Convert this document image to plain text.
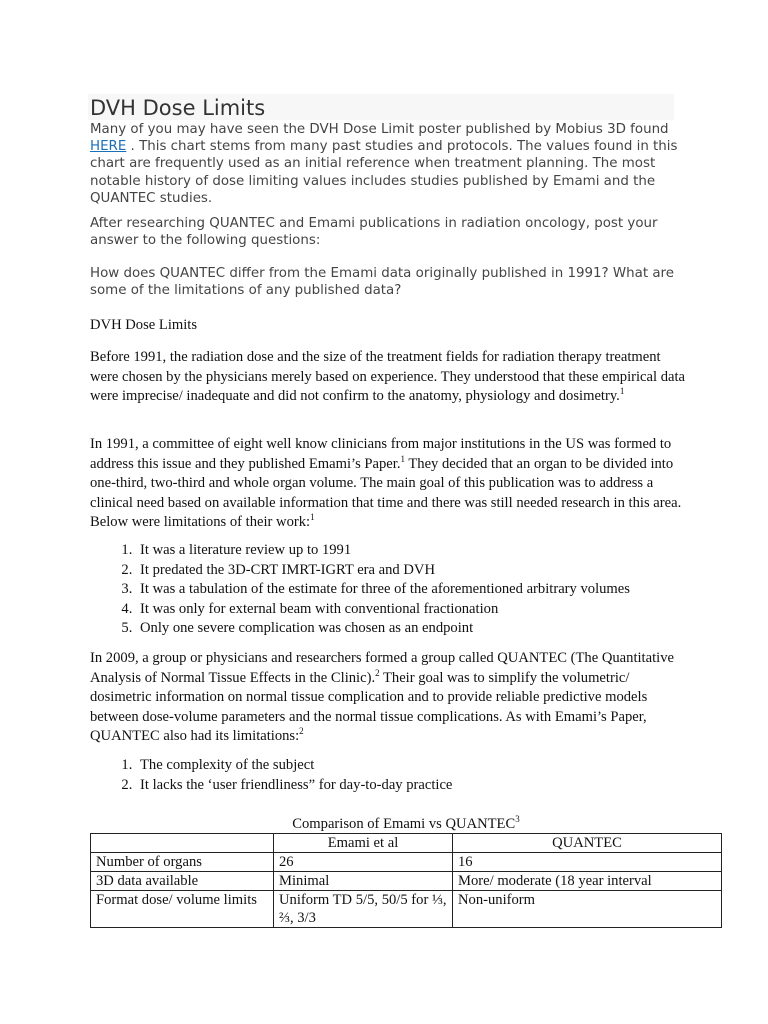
DVH Dose Limits

Many of you may have seen the DVH Dose Limit poster published by Mobius 3D found HERE . This chart stems from many past studies and protocols. The values found in this chart are frequently used as an initial reference when treatment planning. The most notable history of dose limiting values includes studies published by Emami and the QUANTEC studies.

After researching QUANTEC and Emami publications in radiation oncology, post your answer to the following questions:

How does QUANTEC differ from the Emami data originally published in 1991? What are some of the limitations of any published data?

DVH Dose Limits

Before 1991, the radiation dose and the size of the treatment fields for radiation therapy treatment were chosen by the physicians merely based on experience. They understood that these empirical data were imprecise/ inadequate and did not confirm to the anatomy, physiology and dosimetry.$^1$

In 1991, a committee of eight well know clinicians from major institutions in the US was formed to address this issue and they published Emami’s Paper.$^1$ They decided that an organ to be divided into one-third, two-third and whole organ volume. The main goal of this publication was to address a clinical need based on available information that time and there was still needed research in this area. Below were limitations of their work:$^1$

1. It was a literature review up to 1991
2. It predated the 3D-CRT IMRT-IGRT era and DVH
3. It was a tabulation of the estimate for three of the aforementioned arbitrary volumes
4. It was only for external beam with conventional fractionation
5. Only one severe complication was chosen as an endpoint

In 2009, a group or physicians and researchers formed a group called QUANTEC (The Quantitative Analysis of Normal Tissue Effects in the Clinic).$^2$ Their goal was to simplify the volumetric/ dosimetric information on normal tissue complication and to provide reliable predictive models between dose-volume parameters and the normal tissue complications. As with Emami’s Paper, QUANTEC also had its limitations:$^2$

1. The complexity of the subject
2. It lacks the ‘user friendliness” for day-to-day practice

Comparison of Emami vs QUANTEC$^3$

	Emami et al	QUANTEC
Number of organs	26	16
3D data available	Minimal	More/ moderate (18 year interval
Format dose/ volume limits	Uniform TD 5/5, 50/5 for ⅓, ⅔, 3/3	Non-uniform
